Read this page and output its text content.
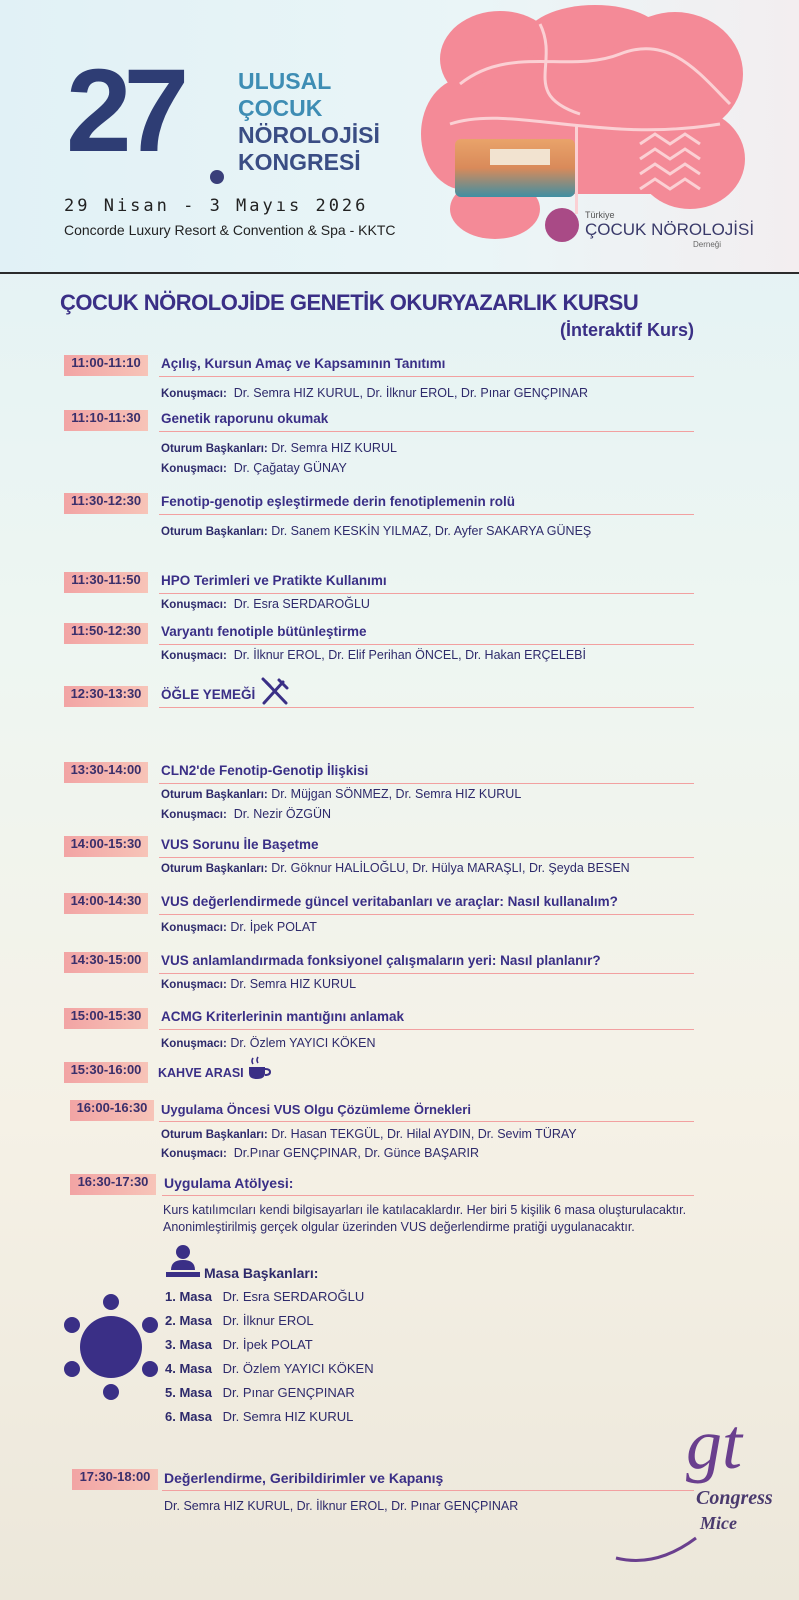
27 ULUSAL
ÇOCUK
NÖROLOJİSİ
KONGRESİ
29 Nisan - 3 Mayıs 2026
Concorde Luxury Resort & Convention & Spa - KKTC
Türkiye
ÇOCUK NÖROLOJİSİ
Derneği
ÇOCUK NÖROLOJİDE GENETİK OKURYAZARLIK KURSU
(İnteraktif Kurs)
11:00-11:10	Açılış, Kursun Amaç ve Kapsamının Tanıtımı
Konuşmacı: Dr. Semra HIZ KURUL, Dr. İlknur EROL, Dr. Pınar GENÇPINAR
11:10-11:30	Genetik raporunu okumak
Oturum Başkanları: Dr. Semra HIZ KURUL
Konuşmacı: Dr. Çağatay GÜNAY
11:30-12:30	Fenotip-genotip eşleştirmede derin fenotiplemenin rolü
Oturum Başkanları: Dr. Sanem KESKİN YILMAZ, Dr. Ayfer SAKARYA GÜNEŞ
11:30-11:50	HPO Terimleri ve Pratikte Kullanımı
Konuşmacı: Dr. Esra SERDAROĞLU
11:50-12:30	Varyantı fenotiple bütünleştirme
Konuşmacı: Dr. İlknur EROL, Dr. Elif Perihan ÖNCEL, Dr. Hakan ERÇELEBİ
12:30-13:30	ÖĞLE YEMEĞİ
13:30-14:00	CLN2'de Fenotip-Genotip İlişkisi
Oturum Başkanları: Dr. Müjgan SÖNMEZ, Dr. Semra HIZ KURUL
Konuşmacı: Dr. Nezir ÖZGÜN
14:00-15:30	VUS Sorunu İle Başetme
Oturum Başkanları: Dr. Göknur HALİLOĞLU, Dr. Hülya MARAŞLI, Dr. Şeyda BESEN
14:00-14:30	VUS değerlendirmede güncel veritabanları ve araçlar: Nasıl kullanalım?
Konuşmacı: Dr. İpek POLAT
14:30-15:00	VUS anlamlandırmada fonksiyonel çalışmaların yeri: Nasıl planlanır?
Konuşmacı: Dr. Semra HIZ KURUL
15:00-15:30	ACMG Kriterlerinin mantığını anlamak
Konuşmacı: Dr. Özlem YAYICI KÖKEN
15:30-16:00	KAHVE ARASI
16:00-16:30	Uygulama Öncesi VUS Olgu Çözümleme Örnekleri
Oturum Başkanları: Dr. Hasan TEKGÜL, Dr. Hilal AYDIN, Dr. Sevim TÜRAY
Konuşmacı: Dr.Pınar GENÇPINAR, Dr. Günce BAŞARIR
16:30-17:30	Uygulama Atölyesi:
Kurs katılımcıları kendi bilgisayarları ile katılacaklardır. Her biri 5 kişilik 6 masa oluşturulacaktır.
Anonimleştirilmiş gerçek olgular üzerinden VUS değerlendirme pratiği uygulanacaktır.
Masa Başkanları:
1. Masa Dr. Esra SERDAROĞLU
2. Masa Dr. İlknur EROL
3. Masa Dr. İpek POLAT
4. Masa Dr. Özlem YAYICI KÖKEN
5. Masa Dr. Pınar GENÇPINAR
6. Masa Dr. Semra HIZ KURUL
17:30-18:00 Değerlendirme, Geribildirimler ve Kapanış
Dr. Semra HIZ KURUL, Dr. İlknur EROL, Dr. Pınar GENÇPINAR
gt
Congress
Mice
